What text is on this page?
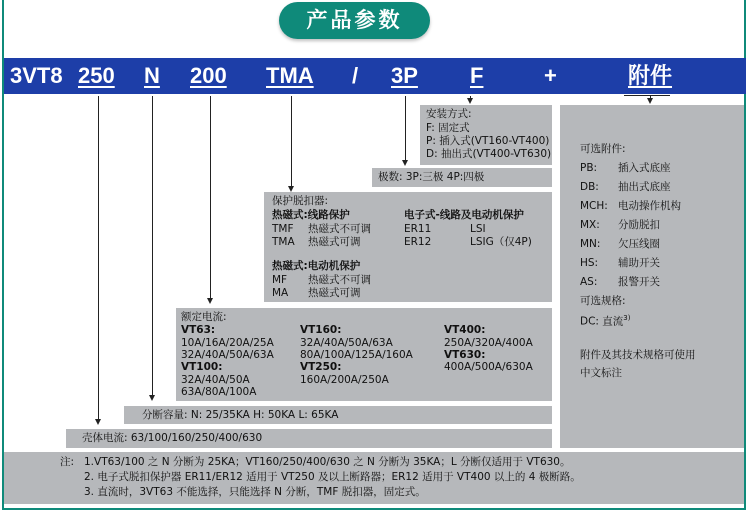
产品参数
3VT8 250 N 200 TMA / 3P F	+	附件
安装方式:
F: 固定式
P: 插入式(VT160-VT400)
D: 抽出式(VT400-VT630)
极数: 3P:三极 4P:四极
保护脱扣器:
热磁式:线路保护
TMF 热磁式不可调
TMA 热磁式可调
电子式-线路及电动机保护
ER11	LSI
ER12	LSIG（仅4P)
热磁式:电动机保护
MF 热磁式不可调
MA 热磁式可调
额定电流:
VT63:
10A/16A/20A/25A
32A/40A/50A/63A
VT100:
32A/40A/50A
63A/80A/100A
VT160:
32A/40A/50A/63A
80A/100A/125A/160A
VT250:
160A/200A/250A
VT400:
250A/320A/400A
VT630:
400A/500A/630A
分断容量: N: 25/35KA H: 50KA L: 65KA
壳体电流: 63/100/160/250/400/630
可选附件:
PB: 插入式底座
DB: 抽出式底座
MCH: 电动操作机构
MX: 分励脱扣
MN: 欠压线圈
HS: 辅助开关
AS: 报警开关
可选规格:
DC: 直流$^{3)}$
附件及其技术规格可使用
中文标注
注: 1.VT63/100 之 N 分断为 25KA；VT160/250/400/630 之 N 分断为 35KA；L 分断仅适用于 VT630。
2. 电子式脱扣保护器 ER11/ER12 适用于 VT250 及以上断路器；ER12 适用于 VT400 以上的 4 极断路。
3. 直流时，3VT63 不能选择，只能选择 N 分断，TMF 脱扣器，固定式。
